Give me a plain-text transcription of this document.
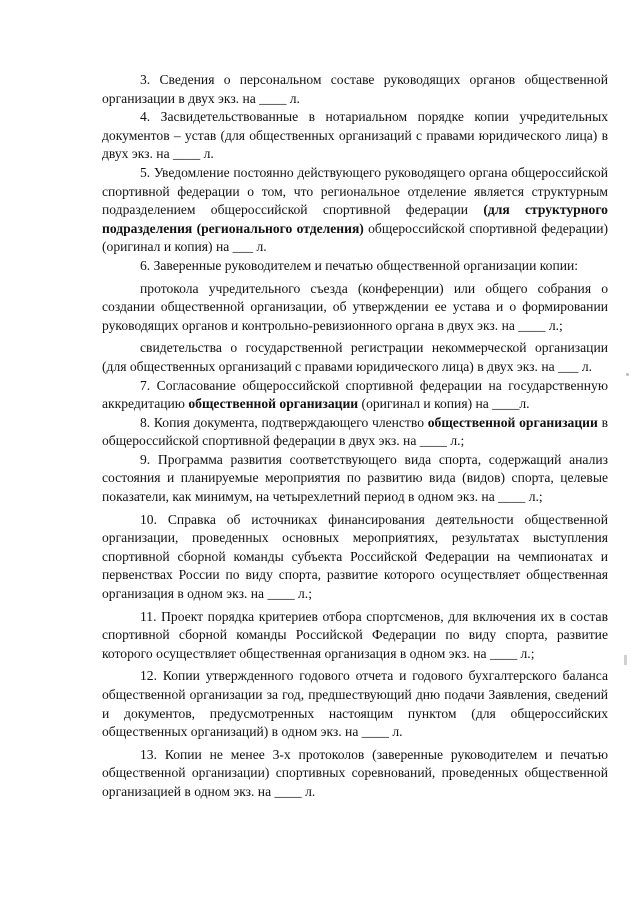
3. Сведения о персональном составе руководящих органов общественной организации в двух экз. на ____ л.

4. Засвидетельствованные в нотариальном порядке копии учредительных документов – устав (для общественных организаций с правами юридического лица) в двух экз. на ____ л.

5. Уведомление постоянно действующего руководящего органа общероссийской спортивной федерации о том, что региональное отделение является структурным подразделением общероссийской спортивной федерации (для структурного подразделения (регионального отделения) общероссийской спортивной федерации) (оригинал и копия) на ___ л.

6. Заверенные руководителем и печатью общественной организации копии:

протокола учредительного съезда (конференции) или общего собрания о создании общественной организации, об утверждении ее устава и о формировании руководящих органов и контрольно-ревизионного органа в двух экз. на ____ л.;

свидетельства о государственной регистрации некоммерческой организации (для общественных организаций с правами юридического лица) в двух экз. на ___ л.

7. Согласование общероссийской спортивной федерации на государственную аккредитацию общественной организации (оригинал и копия) на ____л.

8. Копия документа, подтверждающего членство общественной организации в общероссийской спортивной федерации в двух экз. на ____ л.;

9. Программа развития соответствующего вида спорта, содержащий анализ состояния и планируемые мероприятия по развитию вида (видов) спорта, целевые показатели, как минимум, на четырехлетний период в одном экз. на ____ л.;

10. Справка об источниках финансирования деятельности общественной организации, проведенных основных мероприятиях, результатах выступления спортивной сборной команды субъекта Российской Федерации на чемпионатах и первенствах России по виду спорта, развитие которого осуществляет общественная организация в одном экз. на ____ л.;

11. Проект порядка критериев отбора спортсменов, для включения их в состав спортивной сборной команды Российской Федерации по виду спорта, развитие которого осуществляет общественная организация в одном экз. на ____ л.;

12. Копии утвержденного годового отчета и годового бухгалтерского баланса общественной организации за год, предшествующий дню подачи Заявления, сведений и документов, предусмотренных настоящим пунктом (для общероссийских общественных организаций) в одном экз. на ____ л.

13. Копии не менее 3-х протоколов (заверенные руководителем и печатью общественной организации) спортивных соревнований, проведенных общественной организацией в одном экз. на ____ л.
